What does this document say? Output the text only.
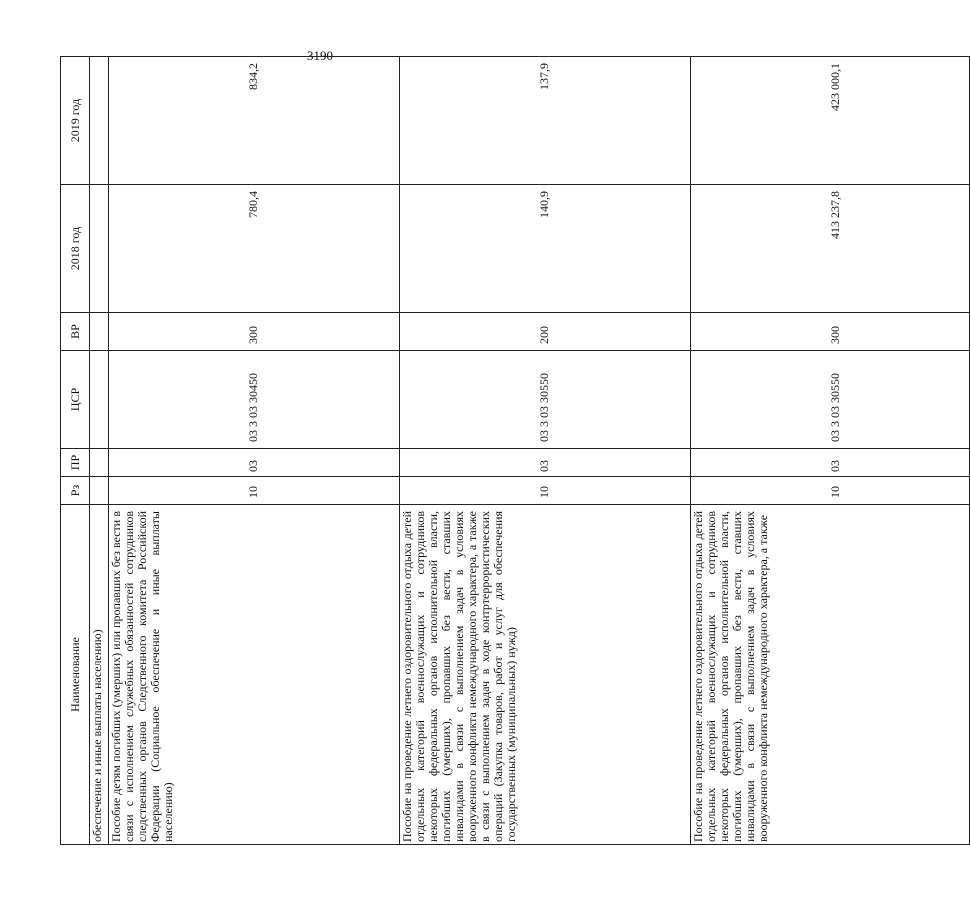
3190
Наименование	Рз	ПР	ЦСР	ВР	2018 год	2019 год
обеспечение и иные выплаты населению)						
Пособие детям погибших (умерших) или пропавших без вести в связи с исполнением служебных обязанностей сотрудников следственных органов Следственного комитета Российской Федерации (Социальное обеспечение и иные выплаты населению)	10	03	03 3 03 30450	300	780,4	834,2
Пособие на проведение летнего оздоровительного отдыха детей отдельных категорий военнослужащих и сотрудников некоторых федеральных органов исполнительной власти, погибших (умерших), пропавших без вести, ставших инвалидами в связи с выполнением задач в условиях вооруженного конфликта немеждународного характера, а также в связи с выполнением задач в ходе контртеррористических операций (Закупка товаров, работ и услуг для обеспечения государственных (муниципальных) нужд)	10	03	03 3 03 30550	200	140,9	137,9
Пособие на проведение летнего оздоровительного отдыха детей отдельных категорий военнослужащих и сотрудников некоторых федеральных органов исполнительной власти, погибших (умерших), пропавших без вести, ставших инвалидами в связи с выполнением задач в условиях вооруженного конфликта немеждународного характера, а также	10	03	03 3 03 30550	300	413 237,8	423 000,1
